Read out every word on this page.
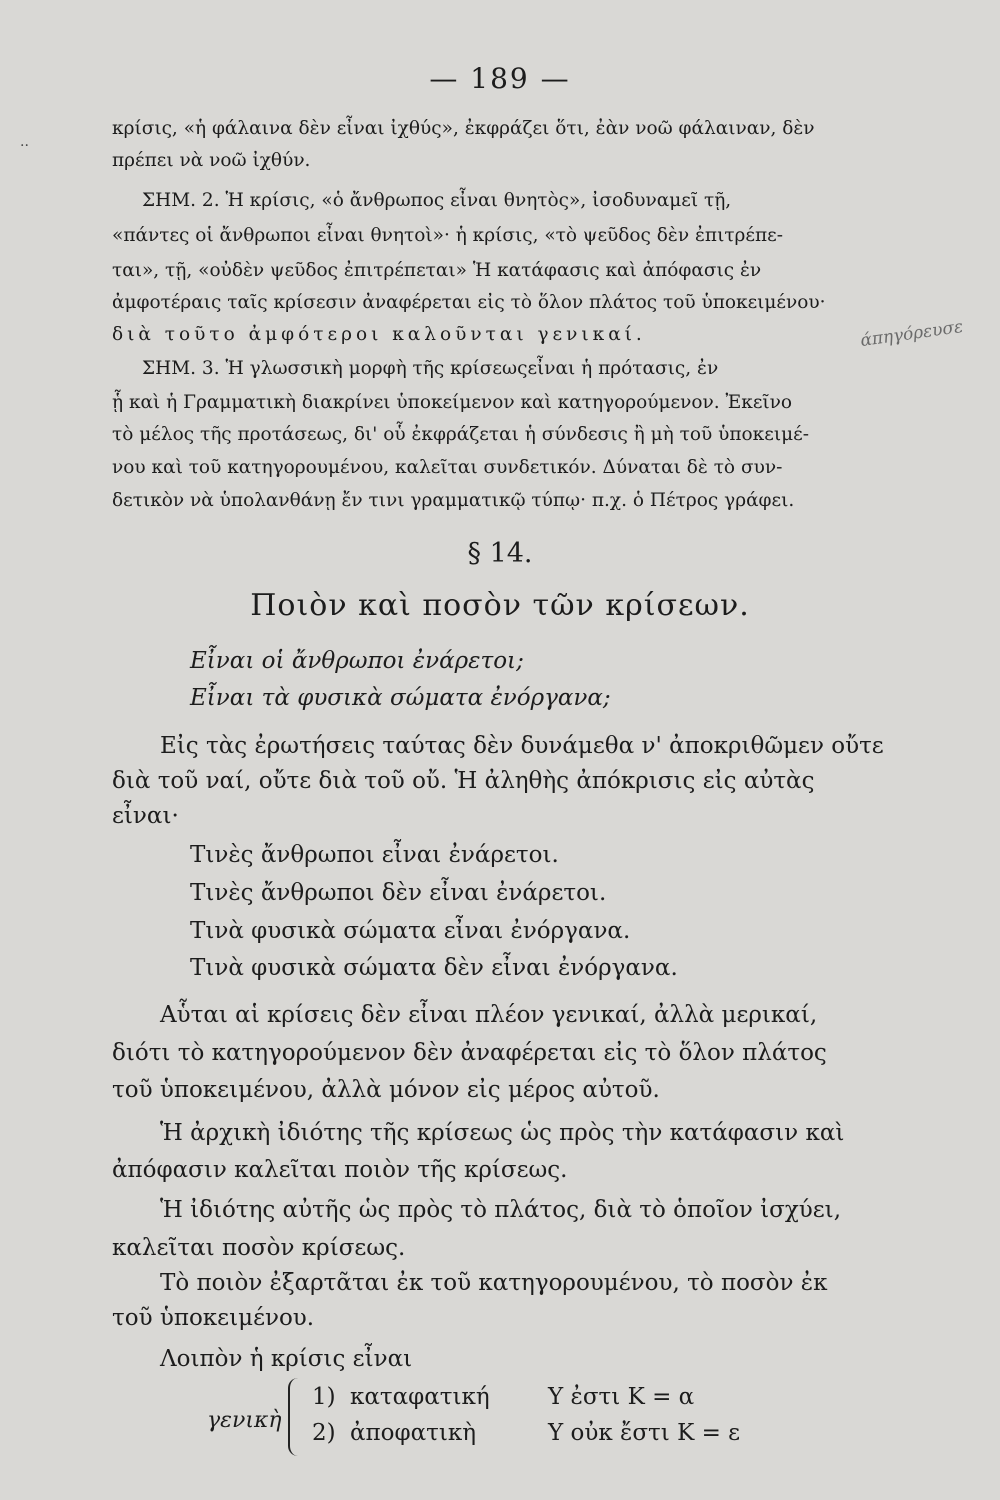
..
— 189 —
κρίσις, «ἡ φάλαινα δὲν εἶναι ἰχθύς», ἐκφράζει ὅτι, ἐὰν νοῶ φάλαιναν, δὲν
πρέπει νὰ νοῶ ἰχθύν.
ΣΗΜ. 2. Ἡ κρίσις, «ὁ ἄνθρωπος εἶναι θνητὸς», ἰσοδυναμεῖ τῇ,
«πάντες οἱ ἄνθρωποι εἶναι θνητοὶ»· ἡ κρίσις, «τὸ ψεῦδος δὲν ἐπιτρέπε-
ται», τῇ, «οὐδὲν ψεῦδος ἐπιτρέπεται» Ἡ κατάφασις καὶ ἀπόφασις ἐν
ἀμφοτέραις ταῖς κρίσεσιν ἀναφέρεται εἰς τὸ ὅλον πλάτος τοῦ ὑποκειμένου·
διὰ τοῦτο ἀμφότεροι καλοῦνται γενικαί.	άπηγόρευσε
ΣΗΜ. 3. Ἡ γλωσσικὴ μορφὴ τῆς κρίσεωςεἶναι ἡ πρότασις, ἐν
ᾗ καὶ ἡ Γραμματικὴ διακρίνει ὑποκείμενον καὶ κατηγορούμενον. Ἐκεῖνο
τὸ μέλος τῆς προτάσεως, δι' οὗ ἐκφράζεται ἡ σύνδεσις ἢ μὴ τοῦ ὑποκειμέ-
νου καὶ τοῦ κατηγορουμένου, καλεῖται συνδετικόν. Δύναται δὲ τὸ συν-
δετικὸν νὰ ὑπολανθάνῃ ἔν τινι γραμματικῷ τύπῳ· π.χ. ὁ Πέτρος γράφει.
§ 14.
Ποιὸν καὶ ποσὸν τῶν κρίσεων.
Εἶναι οἱ ἄνθρωποι ἐνάρετοι;
Εἶναι τὰ φυσικὰ σώματα ἐνόργανα;
Εἰς τὰς ἐρωτήσεις ταύτας δὲν δυνάμεθα ν' ἀποκριθῶμεν οὔτε
διὰ τοῦ ναί, οὔτε διὰ τοῦ οὔ. Ἡ ἀληθὴς ἀπόκρισις εἰς αὐτὰς
εἶναι·
Τινὲς ἄνθρωποι εἶναι ἐνάρετοι.
Τινὲς ἄνθρωποι δὲν εἶναι ἐνάρετοι.
Τινὰ φυσικὰ σώματα εἶναι ἐνόργανα.
Τινὰ φυσικὰ σώματα δὲν εἶναι ἐνόργανα.
Αὗται αἱ κρίσεις δὲν εἶναι πλέον γενικαί, ἀλλὰ μερικαί,
διότι τὸ κατηγορούμενον δὲν ἀναφέρεται εἰς τὸ ὅλον πλάτος
τοῦ ὑποκειμένου, ἀλλὰ μόνον εἰς μέρος αὐτοῦ.
Ἡ ἀρχικὴ ἰδιότης τῆς κρίσεως ὡς πρὸς τὴν κατάφασιν καὶ
ἀπόφασιν καλεῖται ποιὸν τῆς κρίσεως.
Ἡ ἰδιότης αὐτῆς ὡς πρὸς τὸ πλάτος, διὰ τὸ ὁποῖον ἰσχύει,
καλεῖται ποσὸν κρίσεως.
Τὸ ποιὸν ἐξαρτᾶται ἐκ τοῦ κατηγορουμένου, τὸ ποσὸν ἐκ
τοῦ ὑποκειμένου.
Λοιπὸν ἡ κρίσις εἶναι
γενικὴ
1) καταφατική	Υ ἐστι Κ = α
2) ἀποφατικὴ	Υ οὐκ ἔστι Κ = ε
